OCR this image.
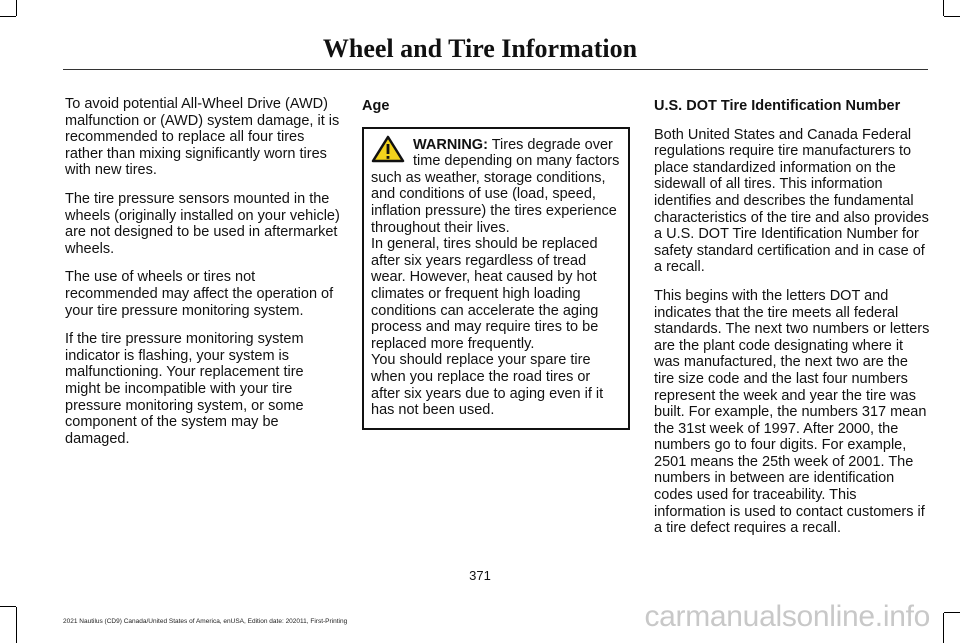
Wheel and Tire Information

To avoid potential All-Wheel Drive (AWD) malfunction or (AWD) system damage, it is recommended to replace all four tires rather than mixing significantly worn tires with new tires.

The tire pressure sensors mounted in the wheels (originally installed on your vehicle) are not designed to be used in aftermarket wheels.

The use of wheels or tires not recommended may affect the operation of your tire pressure monitoring system.

If the tire pressure monitoring system indicator is flashing, your system is malfunctioning. Your replacement tire might be incompatible with your tire pressure monitoring system, or some component of the system may be damaged.

Age

WARNING: Tires degrade over time depending on many factors such as weather, storage conditions, and conditions of use (load, speed, inflation pressure) the tires experience throughout their lives.

In general, tires should be replaced after six years regardless of tread wear. However, heat caused by hot climates or frequent high loading conditions can accelerate the aging process and may require tires to be replaced more frequently.

You should replace your spare tire when you replace the road tires or after six years due to aging even if it has not been used.

U.S. DOT Tire Identification Number

Both United States and Canada Federal regulations require tire manufacturers to place standardized information on the sidewall of all tires. This information identifies and describes the fundamental characteristics of the tire and also provides a U.S. DOT Tire Identification Number for safety standard certification and in case of a recall.

This begins with the letters DOT and indicates that the tire meets all federal standards. The next two numbers or letters are the plant code designating where it was manufactured, the next two are the tire size code and the last four numbers represent the week and year the tire was built. For example, the numbers 317 mean the 31st week of 1997. After 2000, the numbers go to four digits. For example, 2501 means the 25th week of 2001. The numbers in between are identification codes used for traceability. This information is used to contact customers if a tire defect requires a recall.

371
2021 Nautilus (CD9) Canada/United States of America, enUSA, Edition date: 202011, First-Printing	carmanualsonline.info
